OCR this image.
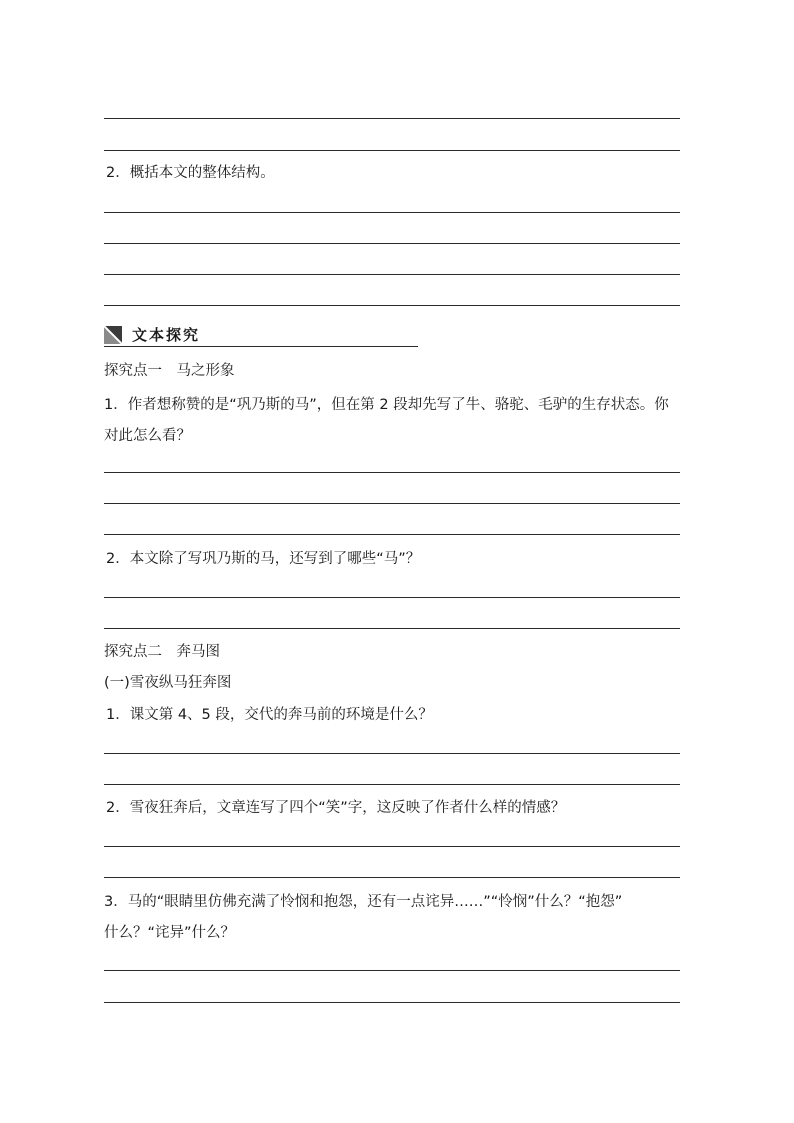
2．概括本文的整体结构。
文本探究
探究点一　马之形象
1．作者想称赞的是“巩乃斯的马”，但在第 2 段却先写了牛、骆驼、毛驴的生存状态。你
对此怎么看？
2．本文除了写巩乃斯的马，还写到了哪些“马”？
探究点二　奔马图
(一)雪夜纵马狂奔图
1．课文第 4、5 段，交代的奔马前的环境是什么？
2．雪夜狂奔后，文章连写了四个“笑”字，这反映了作者什么样的情感？
3．马的“眼睛里仿佛充满了怜悯和抱怨，还有一点诧异……”“怜悯”什么？“抱怨”
什么？“诧异”什么？
